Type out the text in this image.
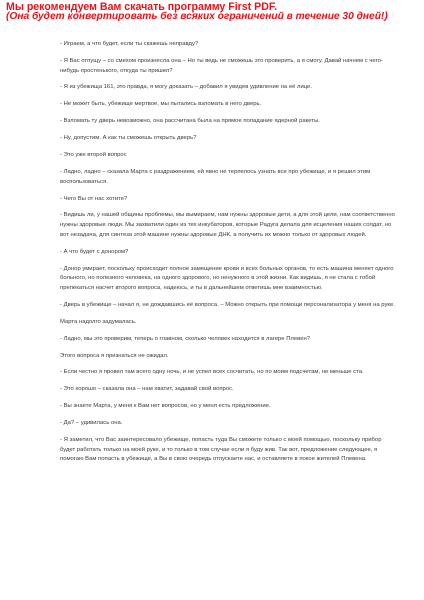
Мы рекомендуем Вам скачать программу First PDF.
(Она будет конвертировать без всяких ограничений в течение 30 дней!)

- Играем, а что будет, если ты скажешь неправду?

- Я Вас отпущу – со смехом произнесла она – Но ты ведь не сможешь это проверить, а я смогу. Давай начнем с чего-нибудь простенького, откуда ты пришел?

- Я из убежища 161, это правда, я могу доказать – добавил я увидев удивление на её лице.

- Не может быть, убежище мертвое, мы пытались взломать в него дверь.

- Взломать ту дверь невозможно, она рассчитана была на прямое попадание ядерной ракеты.

- Ну, допустим. А как ты сможешь открыть дверь?

- Это уже второй вопрос

- Ладно, ладно – сказала Марта с раздражением, ей явно не терпелось узнать все про убежище, и я решил этим воспользоваться.

- Чего Вы от нас хотите?

- Видишь ли, у нашей общины проблемы, мы вымираем, нам нужны здоровые дети, а для этой цели, нам соответственно нужны здоровые люди. Мы захватили один из тех инкубаторов, которые Радуга делала для исцеления наших солдат, но вот незадача, для синтеза этой машине нужны здоровые ДНК, а получить их можно только от здоровых людей.

- А что будет с донором?

- Донор умирает, поскольку происходит полное замещение крови и всех больных органов, то есть машина меняет одного больного, но полезного человека, на одного здорового, но ненужного в этой жизни. Как видишь, я не стала с тобой препекаться насчет второго вопроса, надеюсь, и ты в дальнейшем ответишь мне взаимностью.

- Дверь в убежище – начал я, не дождавшись её вопроса. – Можно открыть при помощи персонализатора у меня на руке.

Марта надолго задумалась.

- Ладно, мы это проверим, теперь о главном, сколько человек находится в лагере Плевен?

Этого вопроса я признаться не ожидал.

- Если честно я провел там всего одну ночь, и не успел всех сосчитать, но по моим подсчетам, не меньше ста.

- Это хорошо – сказала она – нам хватит, задавай свой вопрос.

- Вы знаете Марта, у меня к Вам нет вопросов, но у меня есть предложение.

- Да? – удивилась она.

- Я заметил, что Вас заинтересовало убежище, попасть туда Вы сможете только с моей помощью, поскольку прибор будет работать только на моей руке, и то только в том случае если я буду жив. Так вот, предложение следующее, я помогаю Вам попасть в убежище, а Вы в свою очередь отпускаете нас, и оставляете в покое жителей Плевена.
